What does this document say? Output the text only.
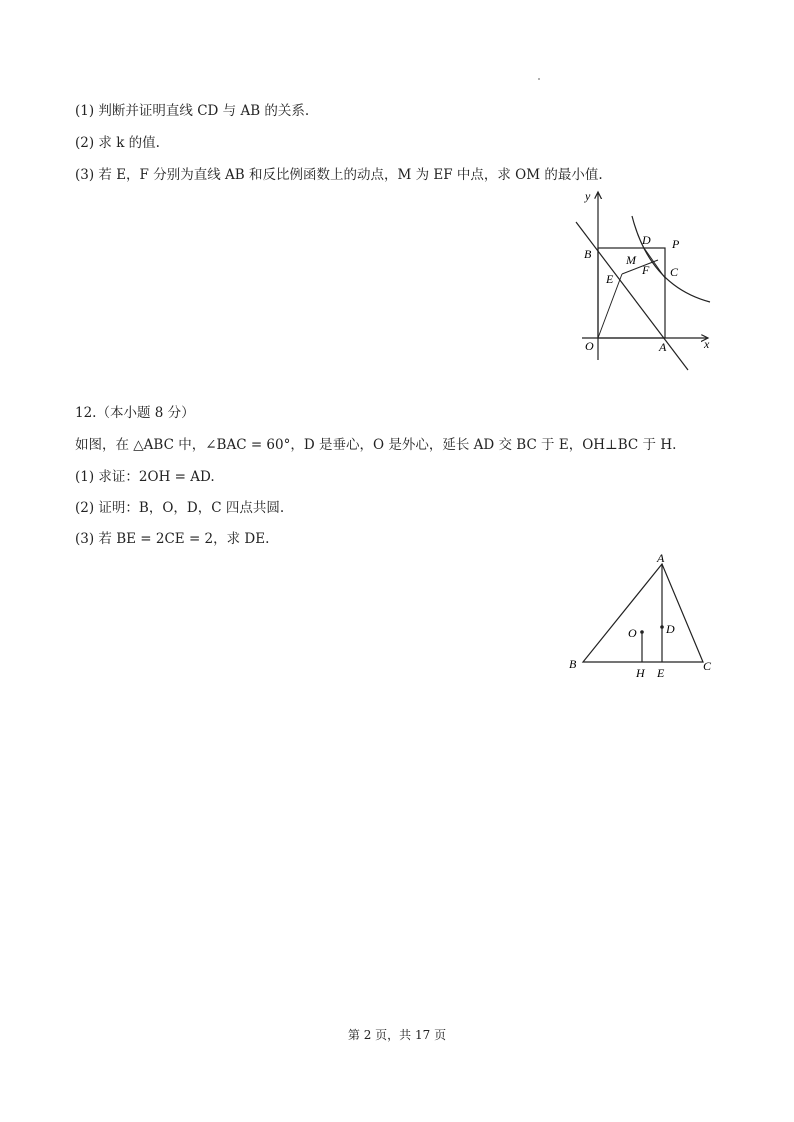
(1) 判断并证明直线 CD 与 AB 的关系.
(2) 求 k 的值.
(3) 若 E，F 分别为直线 AB 和反比例函数上的动点，M 为 EF 中点，求 OM 的最小值.
y
x
B
D P
M
F C
E
O	A
12.（本小题 8 分）
如图，在 △ABC 中，∠BAC = 60°，D 是垂心，O 是外心，延长 AD 交 BC 于 E，OH⊥BC 于 H.
(1) 求证：2OH = AD.
(2) 证明：B，O，D，C 四点共圆.
(3) 若 BE = 2CE = 2，求 DE.
A
B	C
O D
H E
第 2 页，共 17 页
